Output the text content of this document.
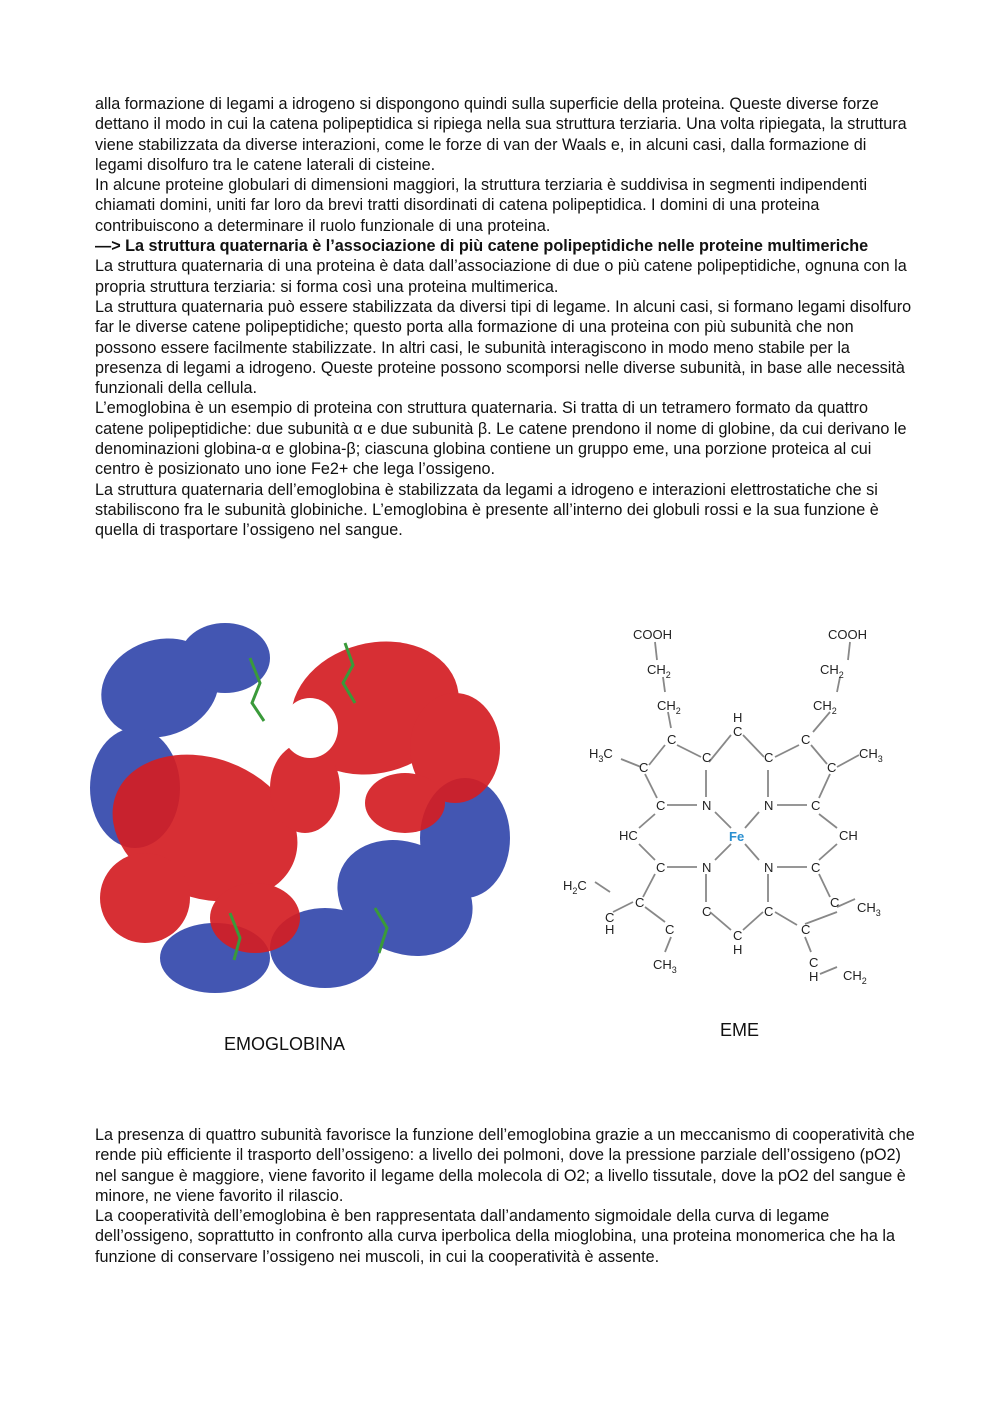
alla formazione di legami a idrogeno si dispongono quindi sulla superficie della proteina. Queste diverse forze dettano il modo in cui la catena polipeptidica si ripiega nella sua struttura terziaria. Una volta ripiegata, la struttura viene stabilizzata da diverse interazioni, come le forze di van der Waals e, in alcuni casi, dalla formazione di legami disolfuro tra le catene laterali di cisteine.

In alcune proteine globulari di dimensioni maggiori, la struttura terziaria è suddivisa in segmenti indipendenti chiamati domini, uniti far loro da brevi tratti disordinati di catena polipeptidica. I domini di una proteina contribuiscono a determinare il ruolo funzionale di una proteina.

—> La struttura quaternaria è l’associazione di più catene polipeptidiche nelle proteine multimeriche

La struttura quaternaria di una proteina è data dall’associazione di due o più catene polipeptidiche, ognuna con la propria struttura terziaria: si forma così una proteina multimerica.

La struttura quaternaria può essere stabilizzata da diversi tipi di legame. In alcuni casi, si formano legami disolfuro far le diverse catene polipeptidiche; questo porta alla formazione di una proteina con più subunità che non possono essere facilmente stabilizzate. In altri casi, le subunità interagiscono in modo meno stabile per la presenza di legami a idrogeno. Queste proteine possono scomporsi nelle diverse subunità, in base alle necessità funzionali della cellula.

L’emoglobina è un esempio di proteina con struttura quaternaria. Si tratta di un tetramero formato da quattro catene polipeptidiche: due subunità α e due subunità β. Le catene prendono il nome di globine, da cui derivano le denominazioni globina-α e globina-β; ciascuna globina contiene un gruppo eme, una porzione proteica al cui centro è posizionato uno ione Fe2+ che lega l’ossigeno.

La struttura quaternaria dell’emoglobina è stabilizzata da legami a idrogeno e interazioni elettrostatiche che si stabiliscono fra le subunità globiniche. L’emoglobina è presente all’interno dei globuli rossi e la sua funzione è quella di trasportare l’ossigeno nel sangue.

COOH	COOH
$CH_2$
$CH_2$
$CH_2$
$CH_2$
H
C
C	C
$H_3C$	$CH_3$
C
C	C
C
C	N	N	C
HC	CH
Fe
C	N	N	C
$H_2C$
C	C $CH_3$
C	C
C
H	C	C
C
H
$CH_3$	C
H $CH_2$
EMOGLOBINA
EME

La presenza di quattro subunità favorisce la funzione dell’emoglobina grazie a un meccanismo di cooperatività che rende più efficiente il trasporto dell’ossigeno: a livello dei polmoni, dove la pressione parziale dell’ossigeno (pO2) nel sangue è maggiore, viene favorito il legame della molecola di O2; a livello tissutale, dove la pO2 del sangue è minore, ne viene favorito il rilascio.

La cooperatività dell’emoglobina è ben rappresentata dall’andamento sigmoidale della curva di legame dell’ossigeno, soprattutto in confronto alla curva iperbolica della mioglobina, una proteina monomerica che ha la funzione di conservare l’ossigeno nei muscoli, in cui la cooperatività è assente.
